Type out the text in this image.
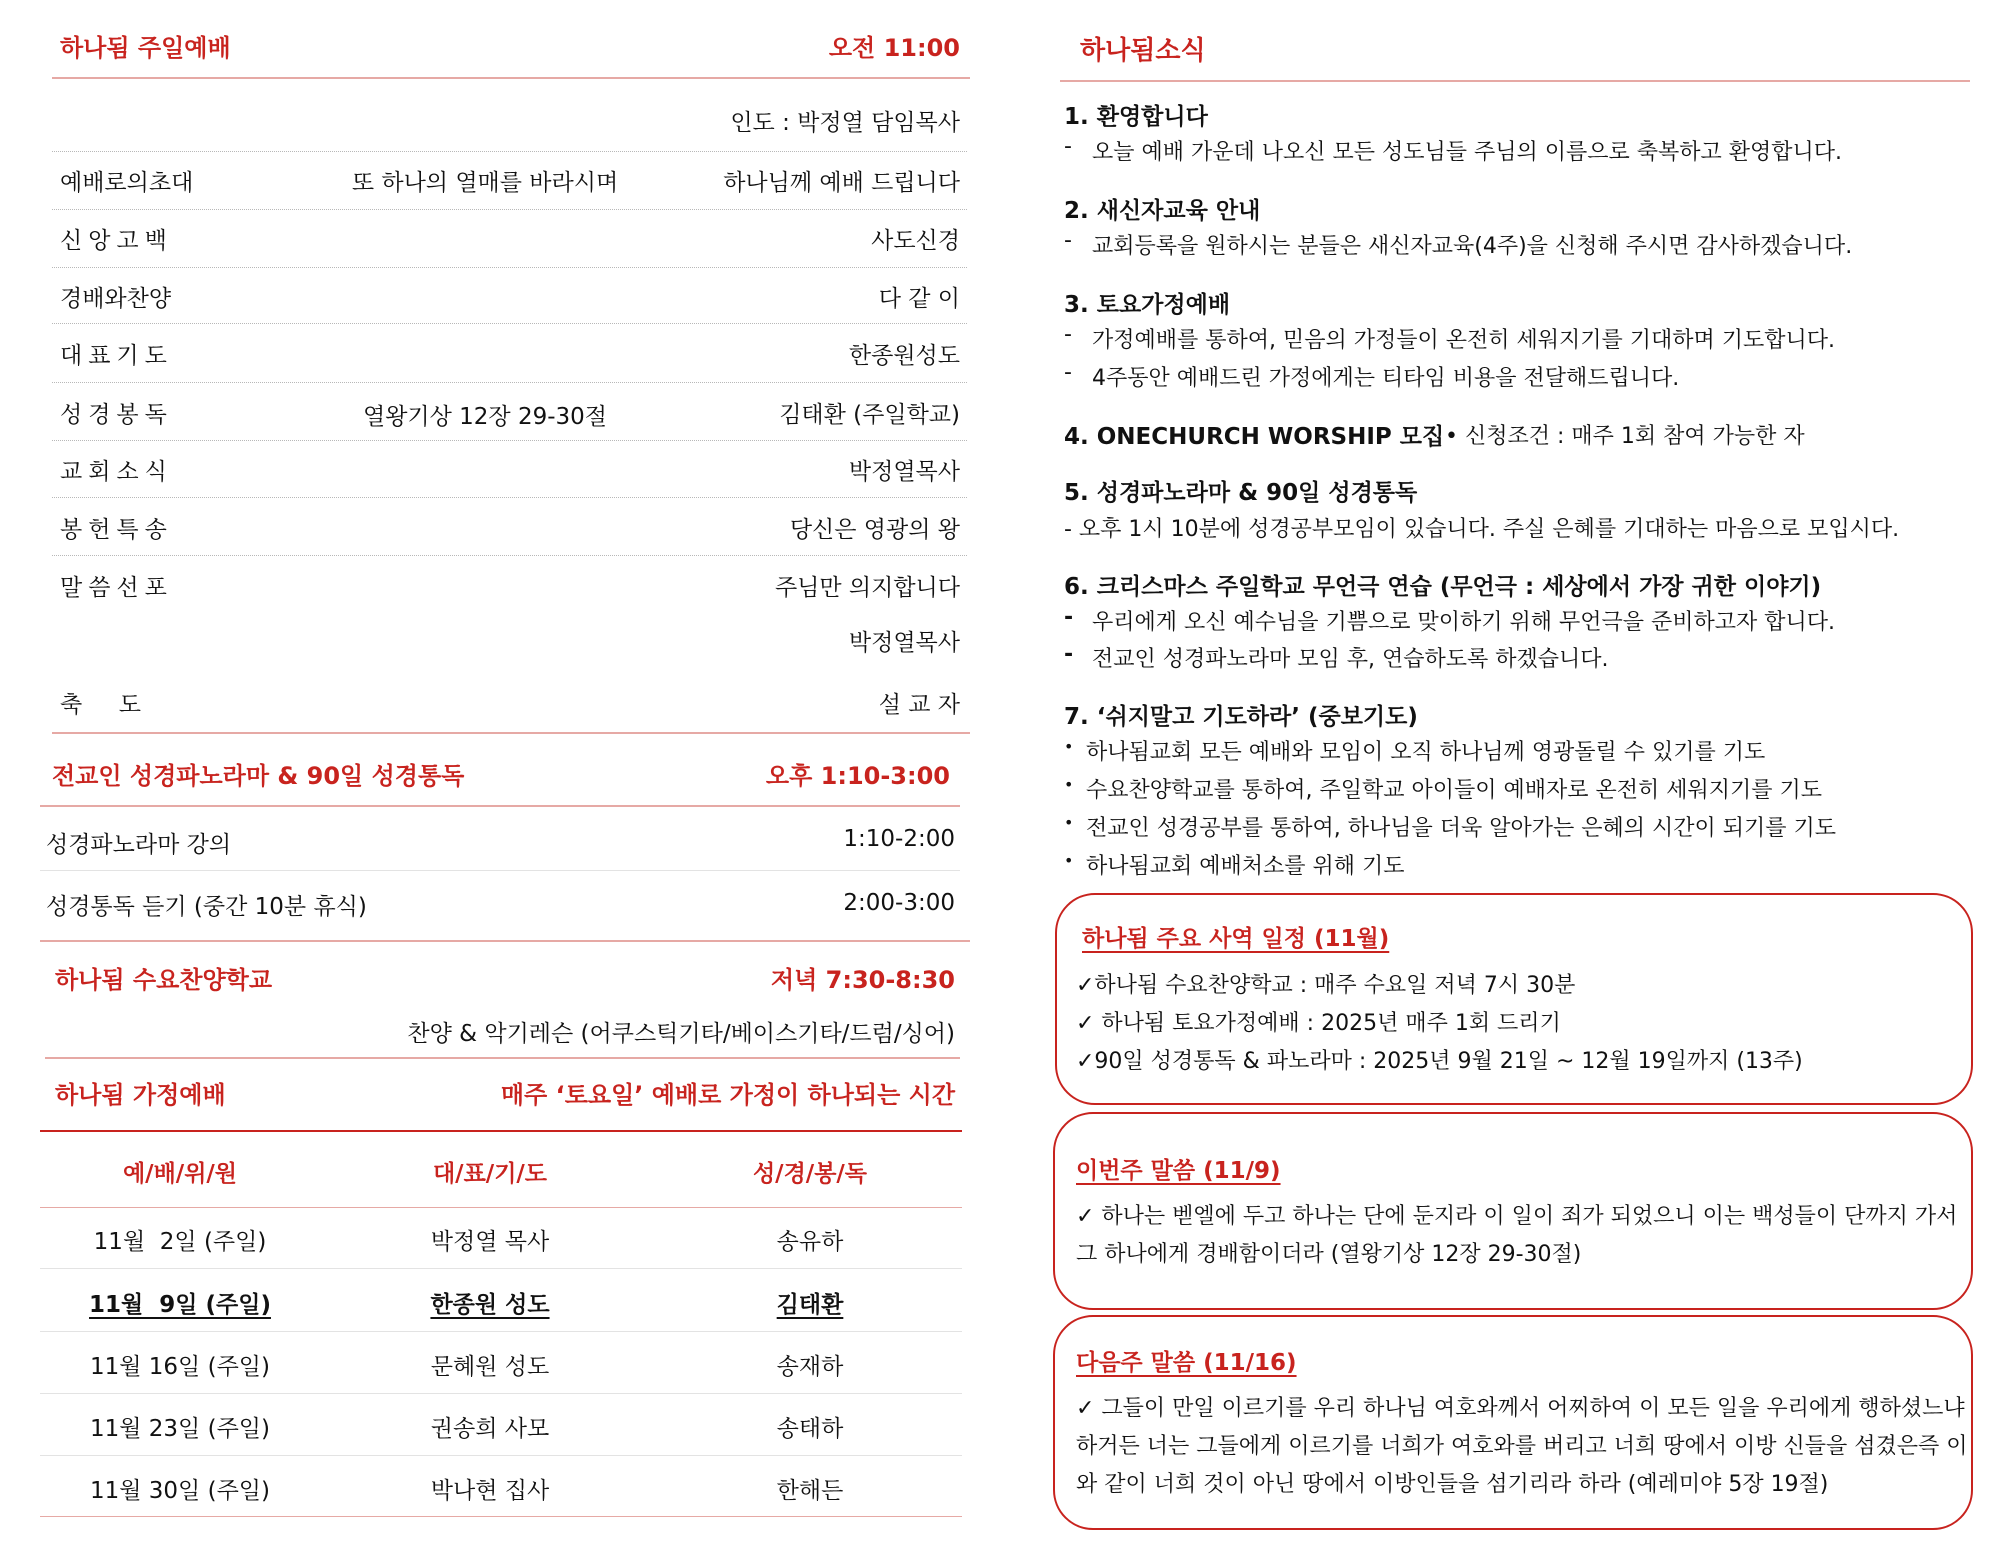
하나됨 주일예배	오전 11:00
인도 : 박정열 담임목사
예배로의초대	또 하나의 열매를 바라시며	하나님께 예배 드립니다
신앙고백	사도신경
경배와찬양	다 같 이
대표기도	한종원성도
성경봉독	열왕기상 12장 29-30절	김태환 (주일학교)
교회소식	박정열목사
봉헌특송	당신은 영광의 왕
말씀선포	주님만 의지합니다
박정열목사
축     도	설 교 자
전교인 성경파노라마 & 90일 성경통독	오후 1:10-3:00
성경파노라마 강의	1:10-2:00
성경통독 듣기 (중간 10분 휴식)	2:00-3:00
하나됨 수요찬양학교	저녁 7:30-8:30
찬양 & 악기레슨 (어쿠스틱기타/베이스기타/드럼/싱어)
하나됨 가정예배	매주 ‘토요일’ 예배로 가정이 하나되는 시간
예/배/위/원	대/표/기/도	성/경/봉/독
11월  2일 (주일)	박정열 목사	송유하
11월  9일 (주일)	한종원 성도	김태환
11월 16일 (주일)	문혜원 성도	송재하
11월 23일 (주일)	권송희 사모	송태하
11월 30일 (주일)	박나현 집사	한해든
하나됨소식
1. 환영합니다
- 오늘 예배 가운데 나오신 모든 성도님들 주님의 이름으로 축복하고 환영합니다.
2. 새신자교육 안내
- 교회등록을 원하시는 분들은 새신자교육(4주)을 신청해 주시면 감사하겠습니다.
3. 토요가정예배
- 가정예배를 통하여, 믿음의 가정들이 온전히 세워지기를 기대하며 기도합니다.
- 4주동안 예배드린 가정에게는 티타임 비용을 전달해드립니다.
4. ONECHURCH WORSHIP 모집 • 신청조건 : 매주 1회 참여 가능한 자
5. 성경파노라마 & 90일 성경통독
- 오후 1시 10분에 성경공부모임이 있습니다. 주실 은혜를 기대하는 마음으로 모입시다.
6. 크리스마스 주일학교 무언극 연습 (무언극 : 세상에서 가장 귀한 이야기)
- 우리에게 오신 예수님을 기쁨으로 맞이하기 위해 무언극을 준비하고자 합니다.
- 전교인 성경파노라마 모임 후, 연습하도록 하겠습니다.
7. ‘쉬지말고 기도하라’ (중보기도)
• 하나됨교회 모든 예배와 모임이 오직 하나님께 영광돌릴 수 있기를 기도
• 수요찬양학교를 통하여, 주일학교 아이들이 예배자로 온전히 세워지기를 기도
• 전교인 성경공부를 통하여, 하나님을 더욱 알아가는 은혜의 시간이 되기를 기도
• 하나됨교회 예배처소를 위해 기도
하나됨 주요 사역 일정 (11월)
✓하나됨 수요찬양학교 : 매주 수요일 저녁 7시 30분
✓ 하나됨 토요가정예배 : 2025년 매주 1회 드리기
✓90일 성경통독 & 파노라마 : 2025년 9월 21일 ~ 12월 19일까지 (13주)
이번주 말씀 (11/9)
✓ 하나는 벧엘에 두고 하나는 단에 둔지라 이 일이 죄가 되었으니 이는 백성들이 단까지 가서
그 하나에게 경배함이더라 (열왕기상 12장 29-30절)
다음주 말씀 (11/16)
✓ 그들이 만일 이르기를 우리 하나님 여호와께서 어찌하여 이 모든 일을 우리에게 행하셨느냐
하거든 너는 그들에게 이르기를 너희가 여호와를 버리고 너희 땅에서 이방 신들을 섬겼은즉 이
와 같이 너희 것이 아닌 땅에서 이방인들을 섬기리라 하라 (예레미야 5장 19절)
